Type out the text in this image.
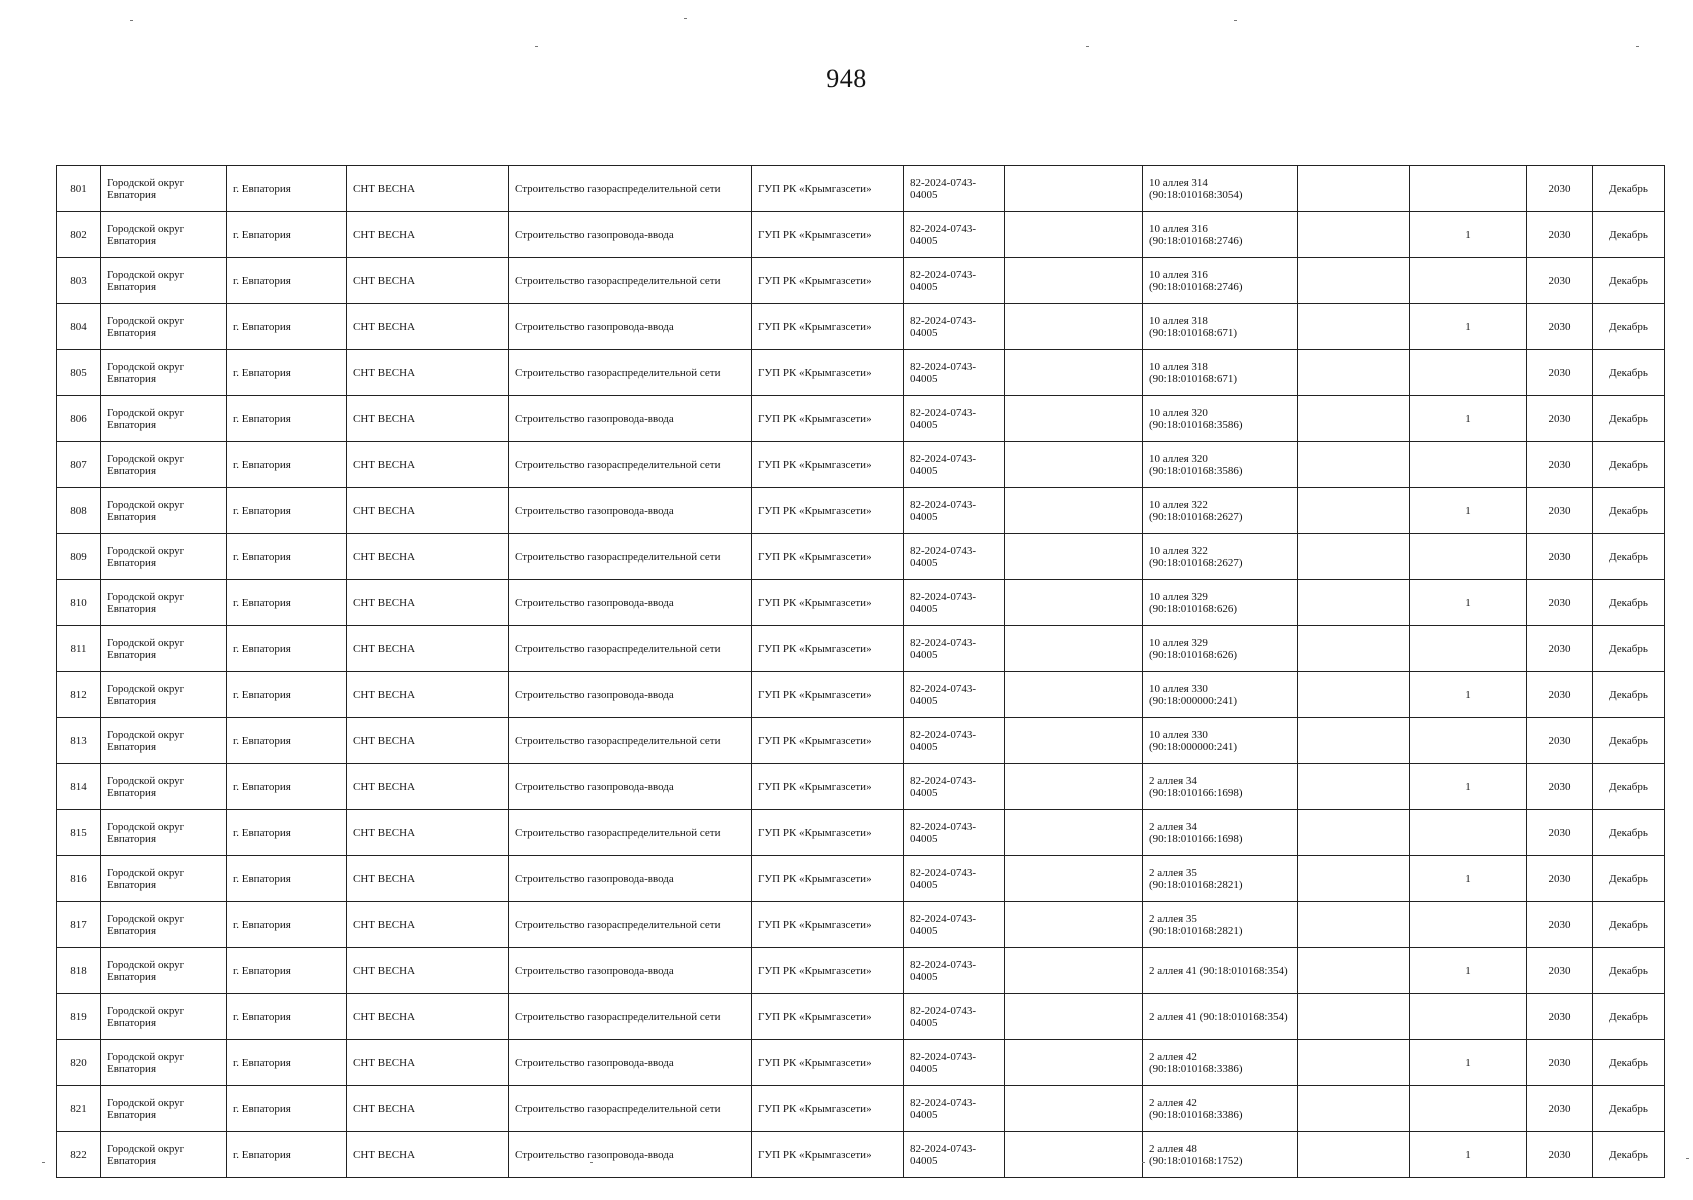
948
801	Городской округ Евпатория	г. Евпатория	СНТ ВЕСНА	Строительство газораспределительной сети	ГУП РК «Крымгазсети»	82-2024-0743-04005		10 аллея 314 (90:18:010168:3054)			2030	Декабрь
802	Городской округ Евпатория	г. Евпатория	СНТ ВЕСНА	Строительство газопровода-ввода	ГУП РК «Крымгазсети»	82-2024-0743-04005		10 аллея 316 (90:18:010168:2746)		1	2030	Декабрь
803	Городской округ Евпатория	г. Евпатория	СНТ ВЕСНА	Строительство газораспределительной сети	ГУП РК «Крымгазсети»	82-2024-0743-04005		10 аллея 316 (90:18:010168:2746)			2030	Декабрь
804	Городской округ Евпатория	г. Евпатория	СНТ ВЕСНА	Строительство газопровода-ввода	ГУП РК «Крымгазсети»	82-2024-0743-04005		10 аллея 318 (90:18:010168:671)		1	2030	Декабрь
805	Городской округ Евпатория	г. Евпатория	СНТ ВЕСНА	Строительство газораспределительной сети	ГУП РК «Крымгазсети»	82-2024-0743-04005		10 аллея 318 (90:18:010168:671)			2030	Декабрь
806	Городской округ Евпатория	г. Евпатория	СНТ ВЕСНА	Строительство газопровода-ввода	ГУП РК «Крымгазсети»	82-2024-0743-04005		10 аллея 320 (90:18:010168:3586)		1	2030	Декабрь
807	Городской округ Евпатория	г. Евпатория	СНТ ВЕСНА	Строительство газораспределительной сети	ГУП РК «Крымгазсети»	82-2024-0743-04005		10 аллея 320 (90:18:010168:3586)			2030	Декабрь
808	Городской округ Евпатория	г. Евпатория	СНТ ВЕСНА	Строительство газопровода-ввода	ГУП РК «Крымгазсети»	82-2024-0743-04005		10 аллея 322 (90:18:010168:2627)		1	2030	Декабрь
809	Городской округ Евпатория	г. Евпатория	СНТ ВЕСНА	Строительство газораспределительной сети	ГУП РК «Крымгазсети»	82-2024-0743-04005		10 аллея 322 (90:18:010168:2627)			2030	Декабрь
810	Городской округ Евпатория	г. Евпатория	СНТ ВЕСНА	Строительство газопровода-ввода	ГУП РК «Крымгазсети»	82-2024-0743-04005		10 аллея 329 (90:18:010168:626)		1	2030	Декабрь
811	Городской округ Евпатория	г. Евпатория	СНТ ВЕСНА	Строительство газораспределительной сети	ГУП РК «Крымгазсети»	82-2024-0743-04005		10 аллея 329 (90:18:010168:626)			2030	Декабрь
812	Городской округ Евпатория	г. Евпатория	СНТ ВЕСНА	Строительство газопровода-ввода	ГУП РК «Крымгазсети»	82-2024-0743-04005		10 аллея 330 (90:18:000000:241)		1	2030	Декабрь
813	Городской округ Евпатория	г. Евпатория	СНТ ВЕСНА	Строительство газораспределительной сети	ГУП РК «Крымгазсети»	82-2024-0743-04005		10 аллея 330 (90:18:000000:241)			2030	Декабрь
814	Городской округ Евпатория	г. Евпатория	СНТ ВЕСНА	Строительство газопровода-ввода	ГУП РК «Крымгазсети»	82-2024-0743-04005		2 аллея 34 (90:18:010166:1698)		1	2030	Декабрь
815	Городской округ Евпатория	г. Евпатория	СНТ ВЕСНА	Строительство газораспределительной сети	ГУП РК «Крымгазсети»	82-2024-0743-04005		2 аллея 34 (90:18:010166:1698)			2030	Декабрь
816	Городской округ Евпатория	г. Евпатория	СНТ ВЕСНА	Строительство газопровода-ввода	ГУП РК «Крымгазсети»	82-2024-0743-04005		2 аллея 35 (90:18:010168:2821)		1	2030	Декабрь
817	Городской округ Евпатория	г. Евпатория	СНТ ВЕСНА	Строительство газораспределительной сети	ГУП РК «Крымгазсети»	82-2024-0743-04005		2 аллея 35 (90:18:010168:2821)			2030	Декабрь
818	Городской округ Евпатория	г. Евпатория	СНТ ВЕСНА	Строительство газопровода-ввода	ГУП РК «Крымгазсети»	82-2024-0743-04005		2 аллея 41 (90:18:010168:354)		1	2030	Декабрь
819	Городской округ Евпатория	г. Евпатория	СНТ ВЕСНА	Строительство газораспределительной сети	ГУП РК «Крымгазсети»	82-2024-0743-04005		2 аллея 41 (90:18:010168:354)			2030	Декабрь
820	Городской округ Евпатория	г. Евпатория	СНТ ВЕСНА	Строительство газопровода-ввода	ГУП РК «Крымгазсети»	82-2024-0743-04005		2 аллея 42 (90:18:010168:3386)		1	2030	Декабрь
821	Городской округ Евпатория	г. Евпатория	СНТ ВЕСНА	Строительство газораспределительной сети	ГУП РК «Крымгазсети»	82-2024-0743-04005		2 аллея 42 (90:18:010168:3386)			2030	Декабрь
822	Городской округ Евпатория	г. Евпатория	СНТ ВЕСНА	Строительство газопровода-ввода	ГУП РК «Крымгазсети»	82-2024-0743-04005		2 аллея 48 (90:18:010168:1752)		1	2030	Декабрь
